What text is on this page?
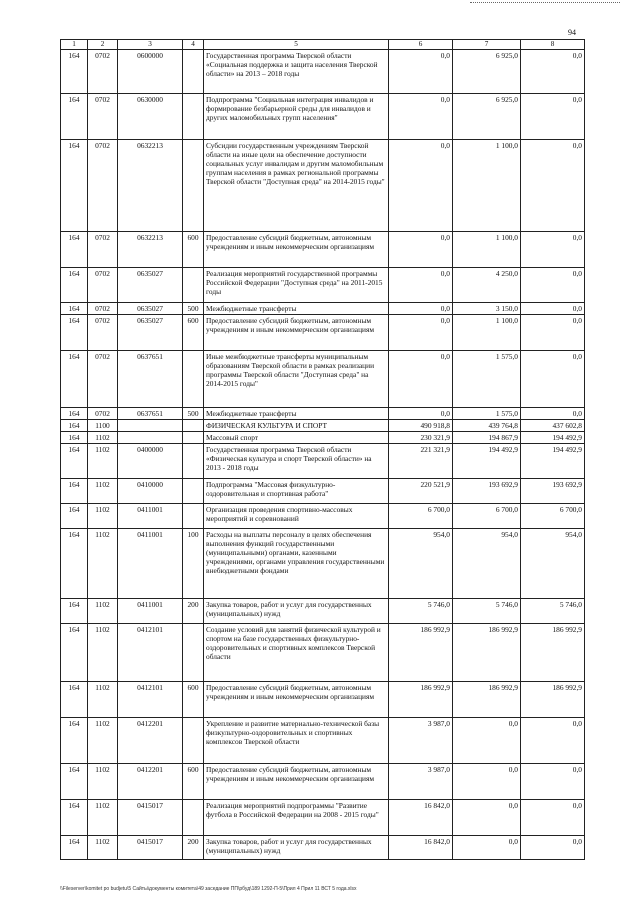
94
1	2	3	4	5	6	7	8
164	0702	0600000		Государственная программа Тверской области «Социальная поддержка и защита населения Тверской области» на 2013 – 2018 годы	0,0	6 925,0	0,0
164	0702	0630000		Подпрограмма "Социальная интеграция инвалидов и формирование безбарьерной среды для инвалидов и других маломобильных групп населения"	0,0	6 925,0	0,0
164	0702	0632213		Субсидии государственным учреждениям Тверской области на иные цели на обеспечение доступности социальных услуг инвалидам и другим маломобильным группам населения в рамках региональной программы Тверской области "Доступная среда" на 2014-2015 годы"	0,0	1 100,0	0,0
164	0702	0632213	600	Предоставление субсидий бюджетным, автономным учреждениям и иным некоммерческим организациям	0,0	1 100,0	0,0
164	0702	0635027		Реализация мероприятий государственной программы Российской Федерации "Доступная среда" на 2011-2015 годы	0,0	4 250,0	0,0
164	0702	0635027	500	Межбюджетные трансферты	0,0	3 150,0	0,0
164	0702	0635027	600	Предоставление субсидий бюджетным, автономным учреждениям и иным некоммерческим организациям	0,0	1 100,0	0,0
164	0702	0637651		Иные межбюджетные трансферты муниципальным образованиям Тверской области в рамках реализации программы Тверской области "Доступная среда" на 2014-2015 годы"	0,0	1 575,0	0,0
164	0702	0637651	500	Межбюджетные трансферты	0,0	1 575,0	0,0
164	1100			ФИЗИЧЕСКАЯ КУЛЬТУРА И СПОРТ	490 918,8	439 764,8	437 602,8
164	1102			Массовый спорт	230 321,9	194 867,9	194 492,9
164	1102	0400000		Государственная программа Тверской области «Физическая культура и спорт Тверской области» на 2013 - 2018 годы	221 321,9	194 492,9	194 492,9
164	1102	0410000		Подпрограмма "Массовая физкультурно-оздоровительная и спортивная работа"	220 521,9	193 692,9	193 692,9
164	1102	0411001		Организация проведения спортивно-массовых мероприятий и соревнований	6 700,0	6 700,0	6 700,0
164	1102	0411001	100	Расходы на выплаты персоналу в целях обеспечения выполнения функций государственными (муниципальными) органами, казенными учреждениями, органами управления государственными внебюджетными фондами	954,0	954,0	954,0
164	1102	0411001	200	Закупка товаров, работ и услуг для государственных (муниципальных) нужд	5 746,0	5 746,0	5 746,0
164	1102	0412101		Создание условий для занятий физической культурой и спортом на базе государственных физкультурно-оздоровительных и спортивных комплексов Тверской области	186 992,9	186 992,9	186 992,9
164	1102	0412101	600	Предоставление субсидий бюджетным, автономным учреждениям и иным некоммерческим организациям	186 992,9	186 992,9	186 992,9
164	1102	0412201		Укрепление и развитие материально-технической базы физкультурно-оздоровительных и спортивных комплексов Тверской области	3 987,0	0,0	0,0
164	1102	0412201	600	Предоставление субсидий бюджетным, автономным учреждениям и иным некоммерческим организациям	3 987,0	0,0	0,0
164	1102	0415017		Реализация мероприятий подпрограммы "Развитие футбола в Российской Федерации на 2008 - 2015 годы"	16 842,0	0,0	0,0
164	1102	0415017	200	Закупка товаров, работ и услуг для государственных (муниципальных) нужд	16 842,0	0,0	0,0
\\Fileserver\komitet po budjetu\5 Сайты\документы комитета\49 заседание ПП\рбуд\189 1292-П-5\Прил 4 Прил 11 ВСТ 5 года.xlsx
